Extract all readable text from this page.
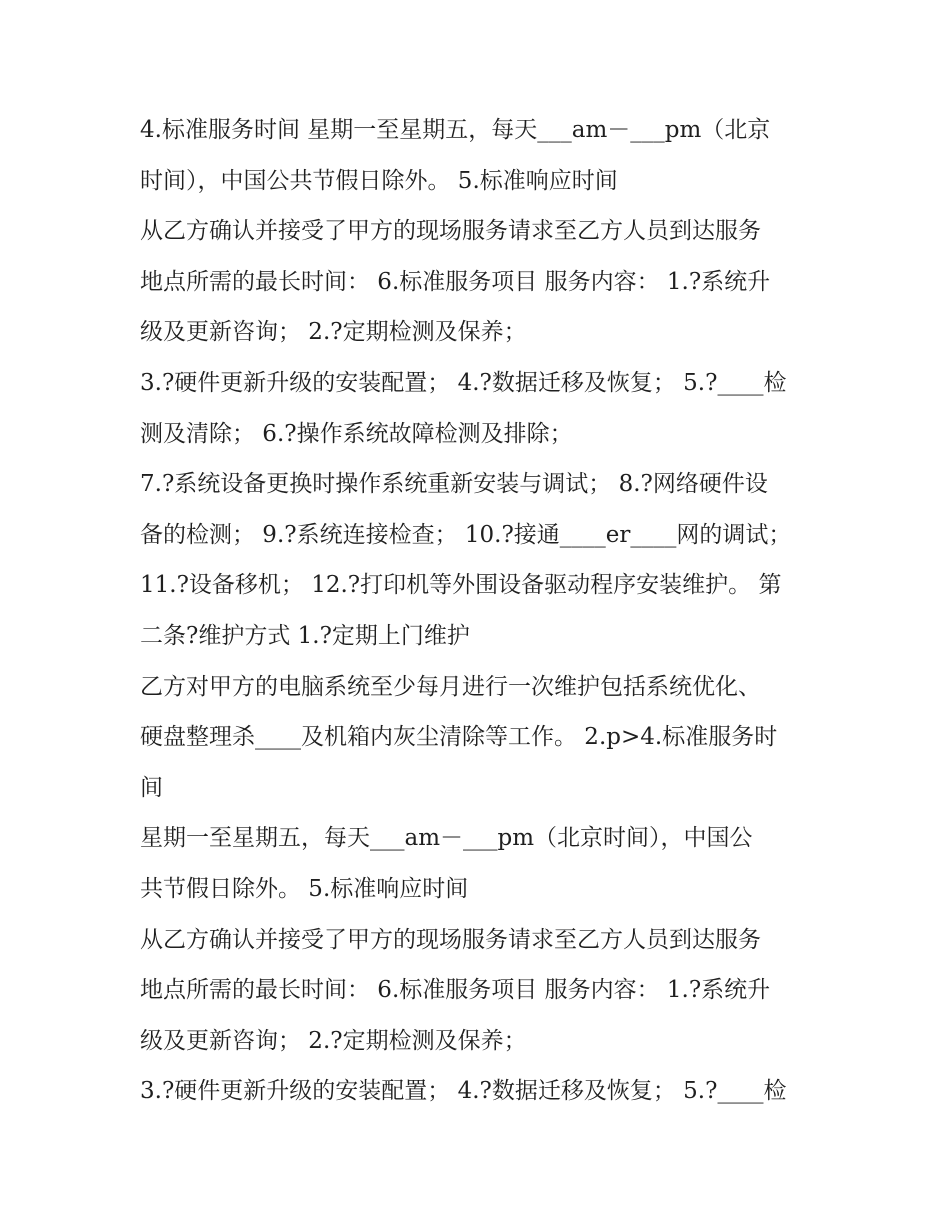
4.标准服务时间 星期一至星期五，每天___am－___pm（北京
时间），中国公共节假日除外。 5.标准响应时间
从乙方确认并接受了甲方的现场服务请求至乙方人员到达服务
地点所需的最长时间： 6.标准服务项目 服务内容： 1.?系统升
级及更新咨询； 2.?定期检测及保养；
3.?硬件更新升级的安装配置； 4.?数据迁移及恢复； 5.?____检
测及清除； 6.?操作系统故障检测及排除；
7.?系统设备更换时操作系统重新安装与调试； 8.?网络硬件设
备的检测； 9.?系统连接检查； 10.?接通____er____网的调试；
11.?设备移机； 12.?打印机等外围设备驱动程序安装维护。 第
二条?维护方式 1.?定期上门维护
乙方对甲方的电脑系统至少每月进行一次维护包括系统优化、
硬盘整理杀____及机箱内灰尘清除等工作。 2.p>4.标准服务时
间
星期一至星期五，每天___am－___pm（北京时间），中国公
共节假日除外。 5.标准响应时间
从乙方确认并接受了甲方的现场服务请求至乙方人员到达服务
地点所需的最长时间： 6.标准服务项目 服务内容： 1.?系统升
级及更新咨询； 2.?定期检测及保养；
3.?硬件更新升级的安装配置； 4.?数据迁移及恢复； 5.?____检
